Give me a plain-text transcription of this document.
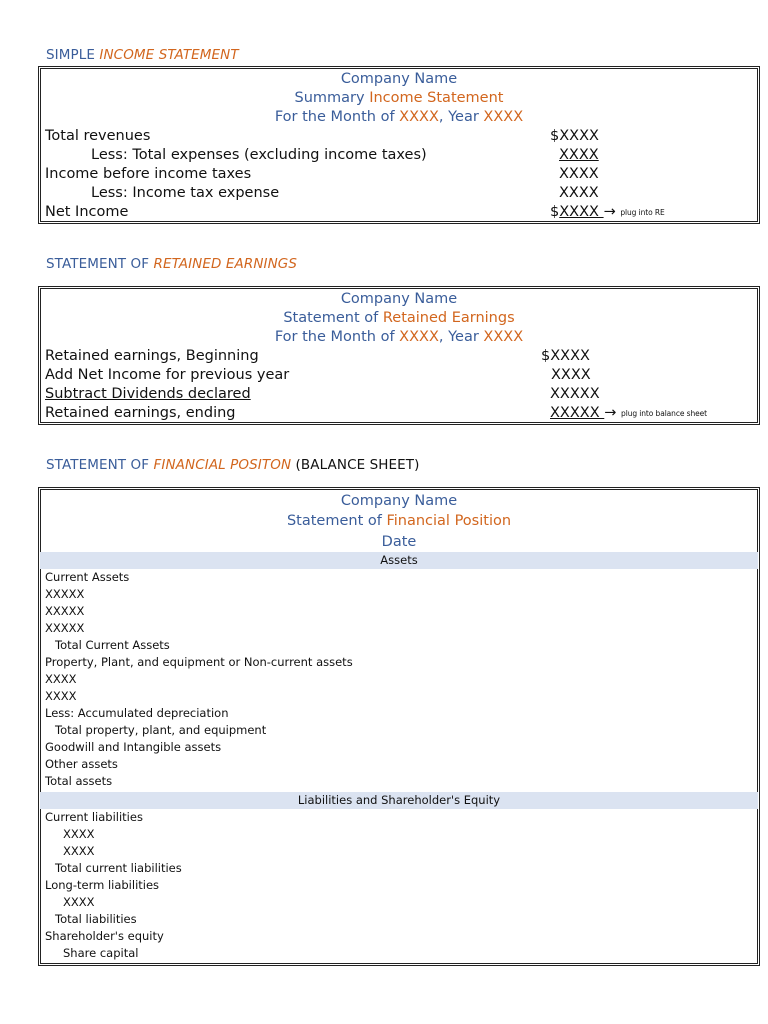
SIMPLE INCOME STATEMENT
Company Name
Summary Income Statement
For the Month of XXXX, Year XXXX
Total revenues	$XXXX
Less: Total expenses (excluding income taxes)	XXXX
Income before income taxes	XXXX
Less: Income tax expense	XXXX
Net Income	$XXXX → plug into RE
STATEMENT OF RETAINED EARNINGS
Company Name
Statement of Retained Earnings
For the Month of XXXX, Year XXXX
Retained earnings, Beginning	$XXXX
Add Net Income for previous year	XXXX
Subtract Dividends declared	XXXXX
Retained earnings, ending	XXXXX → plug into balance sheet
STATEMENT OF FINANCIAL POSITON (BALANCE SHEET)
Company Name
Statement of Financial Position
Date
Assets
Current Assets
XXXXX
XXXXX
XXXXX
Total Current Assets
Property, Plant, and equipment or Non-current assets
XXXX
XXXX
Less: Accumulated depreciation
Total property, plant, and equipment
Goodwill and Intangible assets
Other assets
Total assets
Liabilities and Shareholder's Equity
Current liabilities
XXXX
XXXX
Total current liabilities
Long-term liabilities
XXXX
Total liabilities
Shareholder's equity
Share capital
